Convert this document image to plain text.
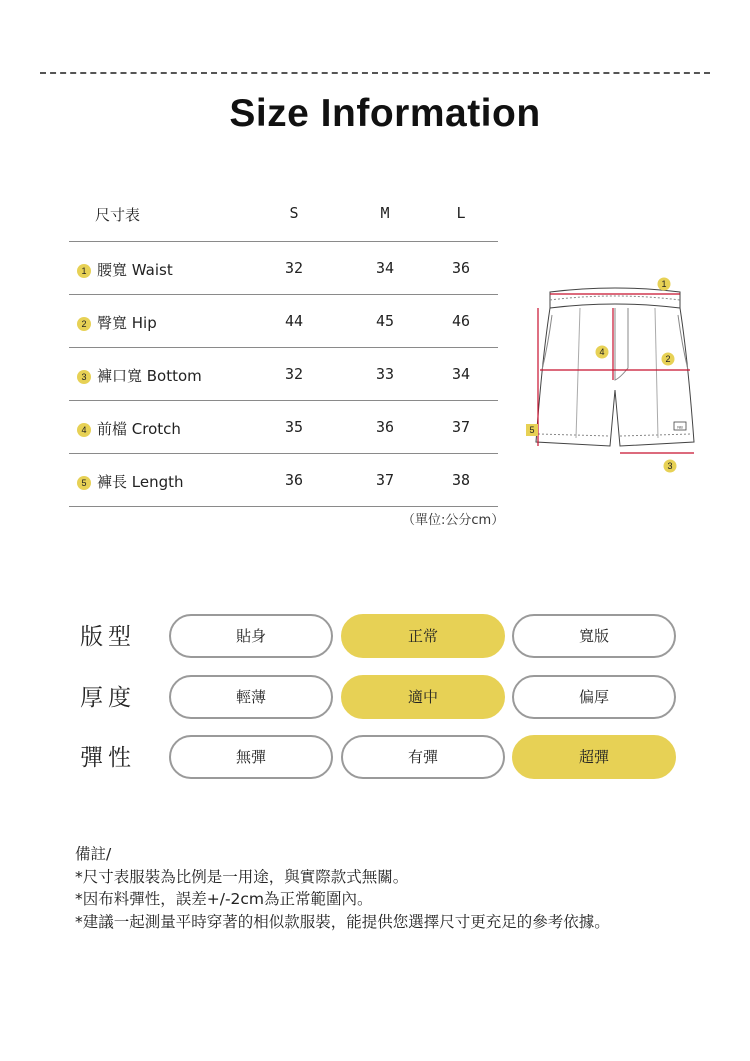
Size Information
尺寸表	S	M	L
1 腰寬 Waist	32	34	36
2 臀寬 Hip	44	45	46
3 褲口寬 Bottom	32	33	34
4 前檔 Crotch	35	36	37
5 褲長 Length	36	37	38
（單位:公分cm）
NB
1
2
3
4
5
版型	貼身	正常	寬版
厚度	輕薄	適中	偏厚
彈性	無彈	有彈	超彈
備註/
*尺寸表服裝為比例是一用途，與實際款式無關。
*因布料彈性，誤差+/-2cm為正常範圍內。
*建議一起測量平時穿著的相似款服裝，能提供您選擇尺寸更充足的參考依據。
